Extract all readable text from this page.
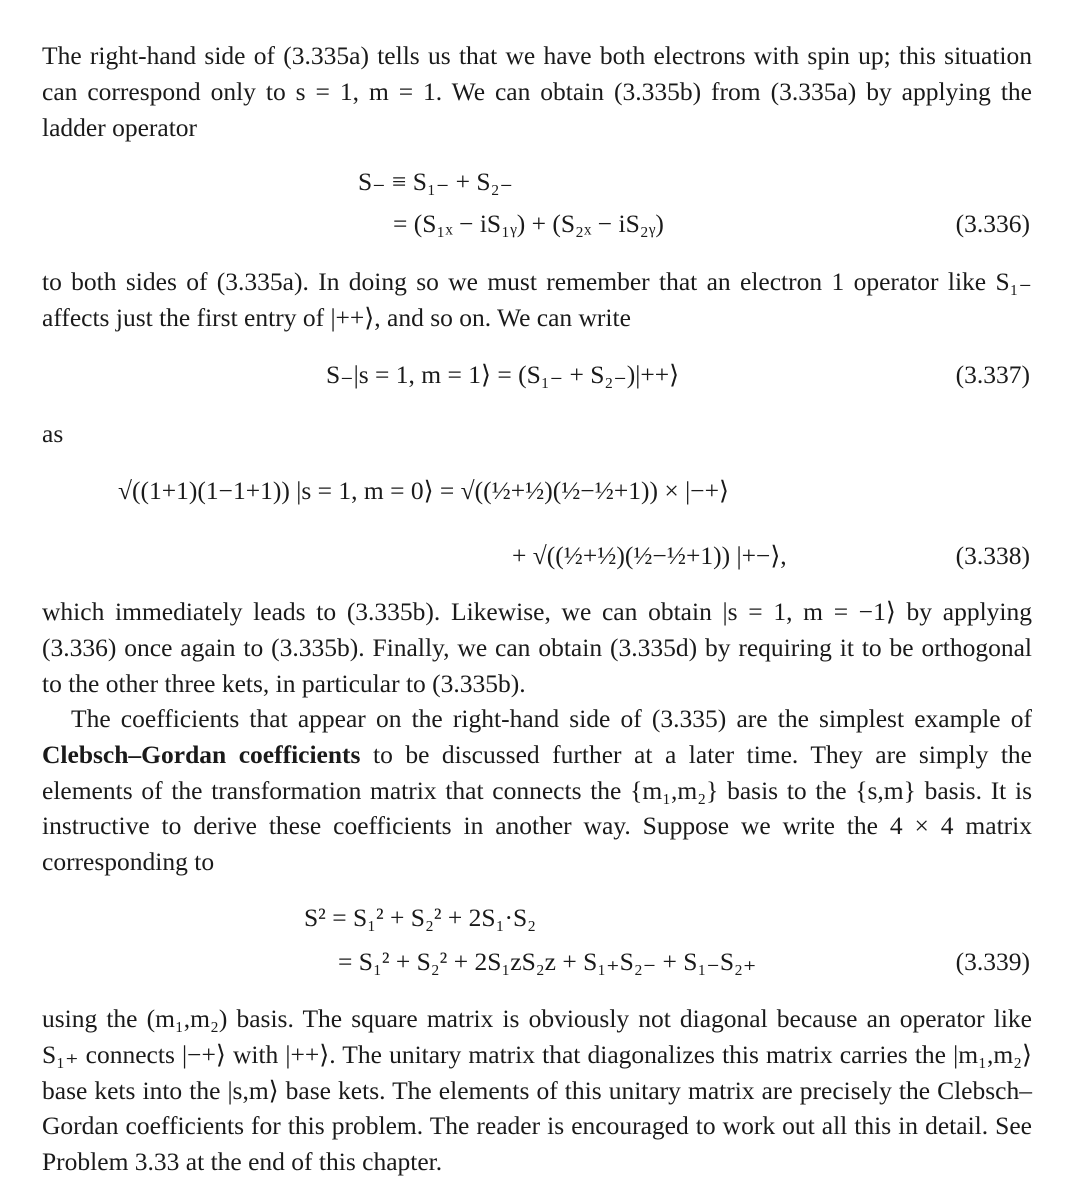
The right-hand side of (3.335a) tells us that we have both electrons with spin up; this situation can correspond only to s = 1, m = 1. We can obtain (3.335b) from (3.335a) by applying the ladder operator

S₋ ≡ S₁₋ + S₂₋
= (S₁ₓ − iS₁ᵧ) + (S₂ₓ − iS₂ᵧ)	(3.336)

to both sides of (3.335a). In doing so we must remember that an electron 1 operator like S₁₋ affects just the first entry of |++⟩, and so on. We can write

S₋|s = 1, m = 1⟩ = (S₁₋ + S₂₋)|++⟩	(3.337)
as
√((1+1)(1−1+1)) |s = 1, m = 0⟩ = √((½+½)(½−½+1)) × |−+⟩
+ √((½+½)(½−½+1)) |+−⟩,	(3.338)

which immediately leads to (3.335b). Likewise, we can obtain |s = 1, m = −1⟩ by applying (3.336) once again to (3.335b). Finally, we can obtain (3.335d) by requiring it to be orthogonal to the other three kets, in particular to (3.335b).

The coefficients that appear on the right-hand side of (3.335) are the simplest example of Clebsch–Gordan coefficients to be discussed further at a later time. They are simply the elements of the transformation matrix that connects the {m₁,m₂} basis to the {s,m} basis. It is instructive to derive these coefficients in another way. Suppose we write the 4 × 4 matrix corresponding to

S² = S₁² + S₂² + 2S₁·S₂
= S₁² + S₂² + 2S₁zS₂z + S₁₊S₂₋ + S₁₋S₂₊	(3.339)

using the (m₁,m₂) basis. The square matrix is obviously not diagonal because an operator like S₁₊ connects |−+⟩ with |++⟩. The unitary matrix that diagonalizes this matrix carries the |m₁,m₂⟩ base kets into the |s,m⟩ base kets. The elements of this unitary matrix are precisely the Clebsch–Gordan coefficients for this problem. The reader is encouraged to work out all this in detail. See Problem 3.33 at the end of this chapter.
